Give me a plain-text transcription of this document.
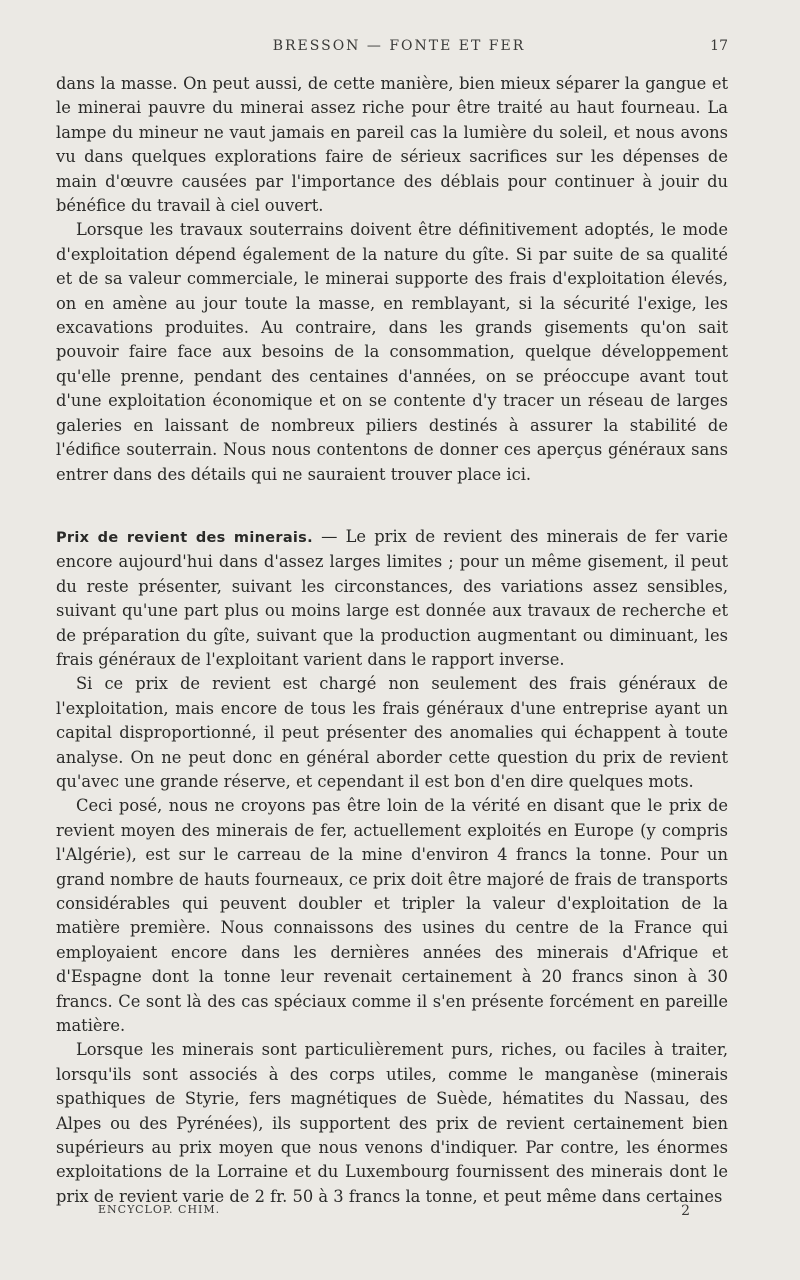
BRESSON — FONTE ET FER	17

dans la masse. On peut aussi, de cette manière, bien mieux séparer la gangue et le minerai pauvre du minerai assez riche pour être traité au haut fourneau. La lampe du mineur ne vaut jamais en pareil cas la lumière du soleil, et nous avons vu dans quelques explorations faire de sérieux sacrifices sur les dépenses de main d'œuvre causées par l'importance des déblais pour continuer à jouir du bénéfice du travail à ciel ouvert.

Lorsque les travaux souterrains doivent être définitivement adoptés, le mode d'exploitation dépend également de la nature du gîte. Si par suite de sa qualité et de sa valeur commerciale, le minerai supporte des frais d'exploitation élevés, on en amène au jour toute la masse, en remblayant, si la sécurité l'exige, les excavations produites. Au contraire, dans les grands gisements qu'on sait pouvoir faire face aux besoins de la consommation, quelque développement qu'elle prenne, pendant des centaines d'années, on se préoccupe avant tout d'une exploitation économique et on se contente d'y tracer un réseau de larges galeries en laissant de nombreux piliers destinés à assurer la stabilité de l'édifice souterrain. Nous nous contentons de donner ces aperçus généraux sans entrer dans des détails qui ne sauraient trouver place ici.

Prix de revient des minerais. — Le prix de revient des minerais de fer varie encore aujourd'hui dans d'assez larges limites ; pour un même gisement, il peut du reste présenter, suivant les circonstances, des variations assez sensibles, suivant qu'une part plus ou moins large est donnée aux travaux de recherche et de préparation du gîte, suivant que la production augmentant ou diminuant, les frais généraux de l'exploitant varient dans le rapport inverse.

Si ce prix de revient est chargé non seulement des frais généraux de l'exploitation, mais encore de tous les frais généraux d'une entreprise ayant un capital disproportionné, il peut présenter des anomalies qui échappent à toute analyse. On ne peut donc en général aborder cette question du prix de revient qu'avec une grande réserve, et cependant il est bon d'en dire quelques mots.

Ceci posé, nous ne croyons pas être loin de la vérité en disant que le prix de revient moyen des minerais de fer, actuellement exploités en Europe (y compris l'Algérie), est sur le carreau de la mine d'environ 4 francs la tonne. Pour un grand nombre de hauts fourneaux, ce prix doit être majoré de frais de transports considérables qui peuvent doubler et tripler la valeur d'exploitation de la matière première. Nous connaissons des usines du centre de la France qui employaient encore dans les dernières années des minerais d'Afrique et d'Espagne dont la tonne leur revenait certainement à 20 francs sinon à 30 francs. Ce sont là des cas spéciaux comme il s'en présente forcément en pareille matière.

Lorsque les minerais sont particulièrement purs, riches, ou faciles à traiter, lorsqu'ils sont associés à des corps utiles, comme le manganèse (minerais spathiques de Styrie, fers magnétiques de Suède, hématites du Nassau, des Alpes ou des Pyrénées), ils supportent des prix de revient certainement bien supérieurs au prix moyen que nous venons d'indiquer. Par contre, les énormes exploitations de la Lorraine et du Luxembourg fournissent des minerais dont le prix de revient varie de 2 fr. 50 à 3 francs la tonne, et peut même dans certaines

ENCYCLOP. CHIM.	2
